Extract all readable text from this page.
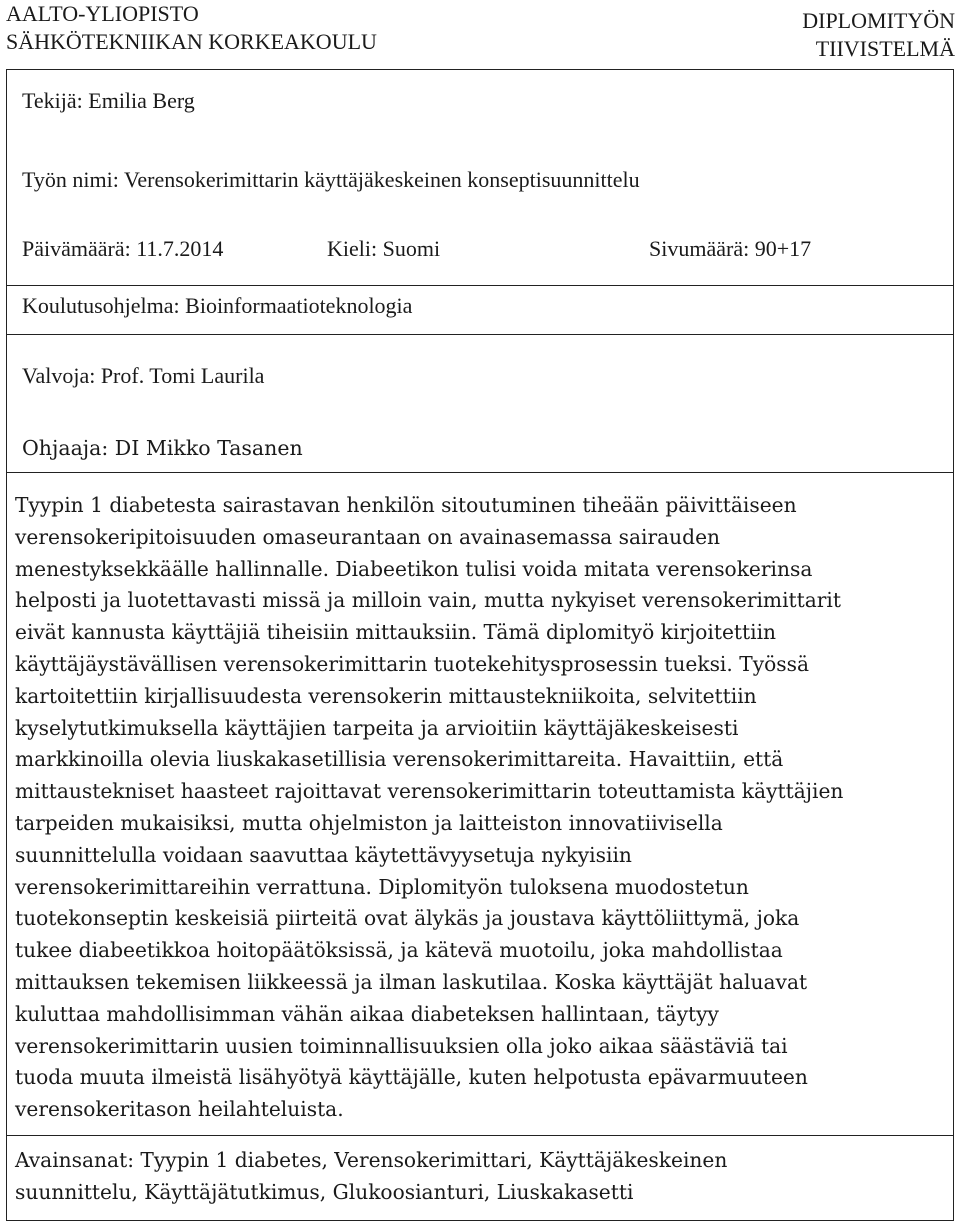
AALTO-YLIOPISTO
SÄHKÖTEKNIIKAN KORKEAKOULU
DIPLOMITYÖN
TIIVISTELMÄ
Tekijä: Emilia Berg
Työn nimi: Verensokerimittarin käyttäjäkeskeinen konseptisuunnittelu
Päivämäärä: 11.7.2014	Kieli: Suomi	Sivumäärä: 90+17
Koulutusohjelma: Bioinformaatioteknologia
Valvoja: Prof. Tomi Laurila
Ohjaaja: DI Mikko Tasanen
Tyypin 1 diabetesta sairastavan henkilön sitoutuminen tiheään päivittäiseen
verensokeripitoisuuden omaseurantaan on avainasemassa sairauden
menestyksekkäälle hallinnalle. Diabeetikon tulisi voida mitata verensokerinsa
helposti ja luotettavasti missä ja milloin vain, mutta nykyiset verensokerimittarit
eivät kannusta käyttäjiä tiheisiin mittauksiin. Tämä diplomityö kirjoitettiin
käyttäjäystävällisen verensokerimittarin tuotekehitysprosessin tueksi. Työssä
kartoitettiin kirjallisuudesta verensokerin mittaustekniikoita, selvitettiin
kyselytutkimuksella käyttäjien tarpeita ja arvioitiin käyttäjäkeskeisesti
markkinoilla olevia liuskakasetillisia verensokerimittareita. Havaittiin, että
mittaustekniset haasteet rajoittavat verensokerimittarin toteuttamista käyttäjien
tarpeiden mukaisiksi, mutta ohjelmiston ja laitteiston innovatiivisella
suunnittelulla voidaan saavuttaa käytettävyysetuja nykyisiin
verensokerimittareihin verrattuna. Diplomityön tuloksena muodostetun
tuotekonseptin keskeisiä piirteitä ovat älykäs ja joustava käyttöliittymä, joka
tukee diabeetikkoa hoitopäätöksissä, ja kätevä muotoilu, joka mahdollistaa
mittauksen tekemisen liikkeessä ja ilman laskutilaa. Koska käyttäjät haluavat
kuluttaa mahdollisimman vähän aikaa diabeteksen hallintaan, täytyy
verensokerimittarin uusien toiminnallisuuksien olla joko aikaa säästäviä tai
tuoda muuta ilmeistä lisähyötyä käyttäjälle, kuten helpotusta epävarmuuteen
verensokeritason heilahteluista.
Avainsanat: Tyypin 1 diabetes, Verensokerimittari, Käyttäjäkeskeinen
suunnittelu, Käyttäjätutkimus, Glukoosianturi, Liuskakasetti
